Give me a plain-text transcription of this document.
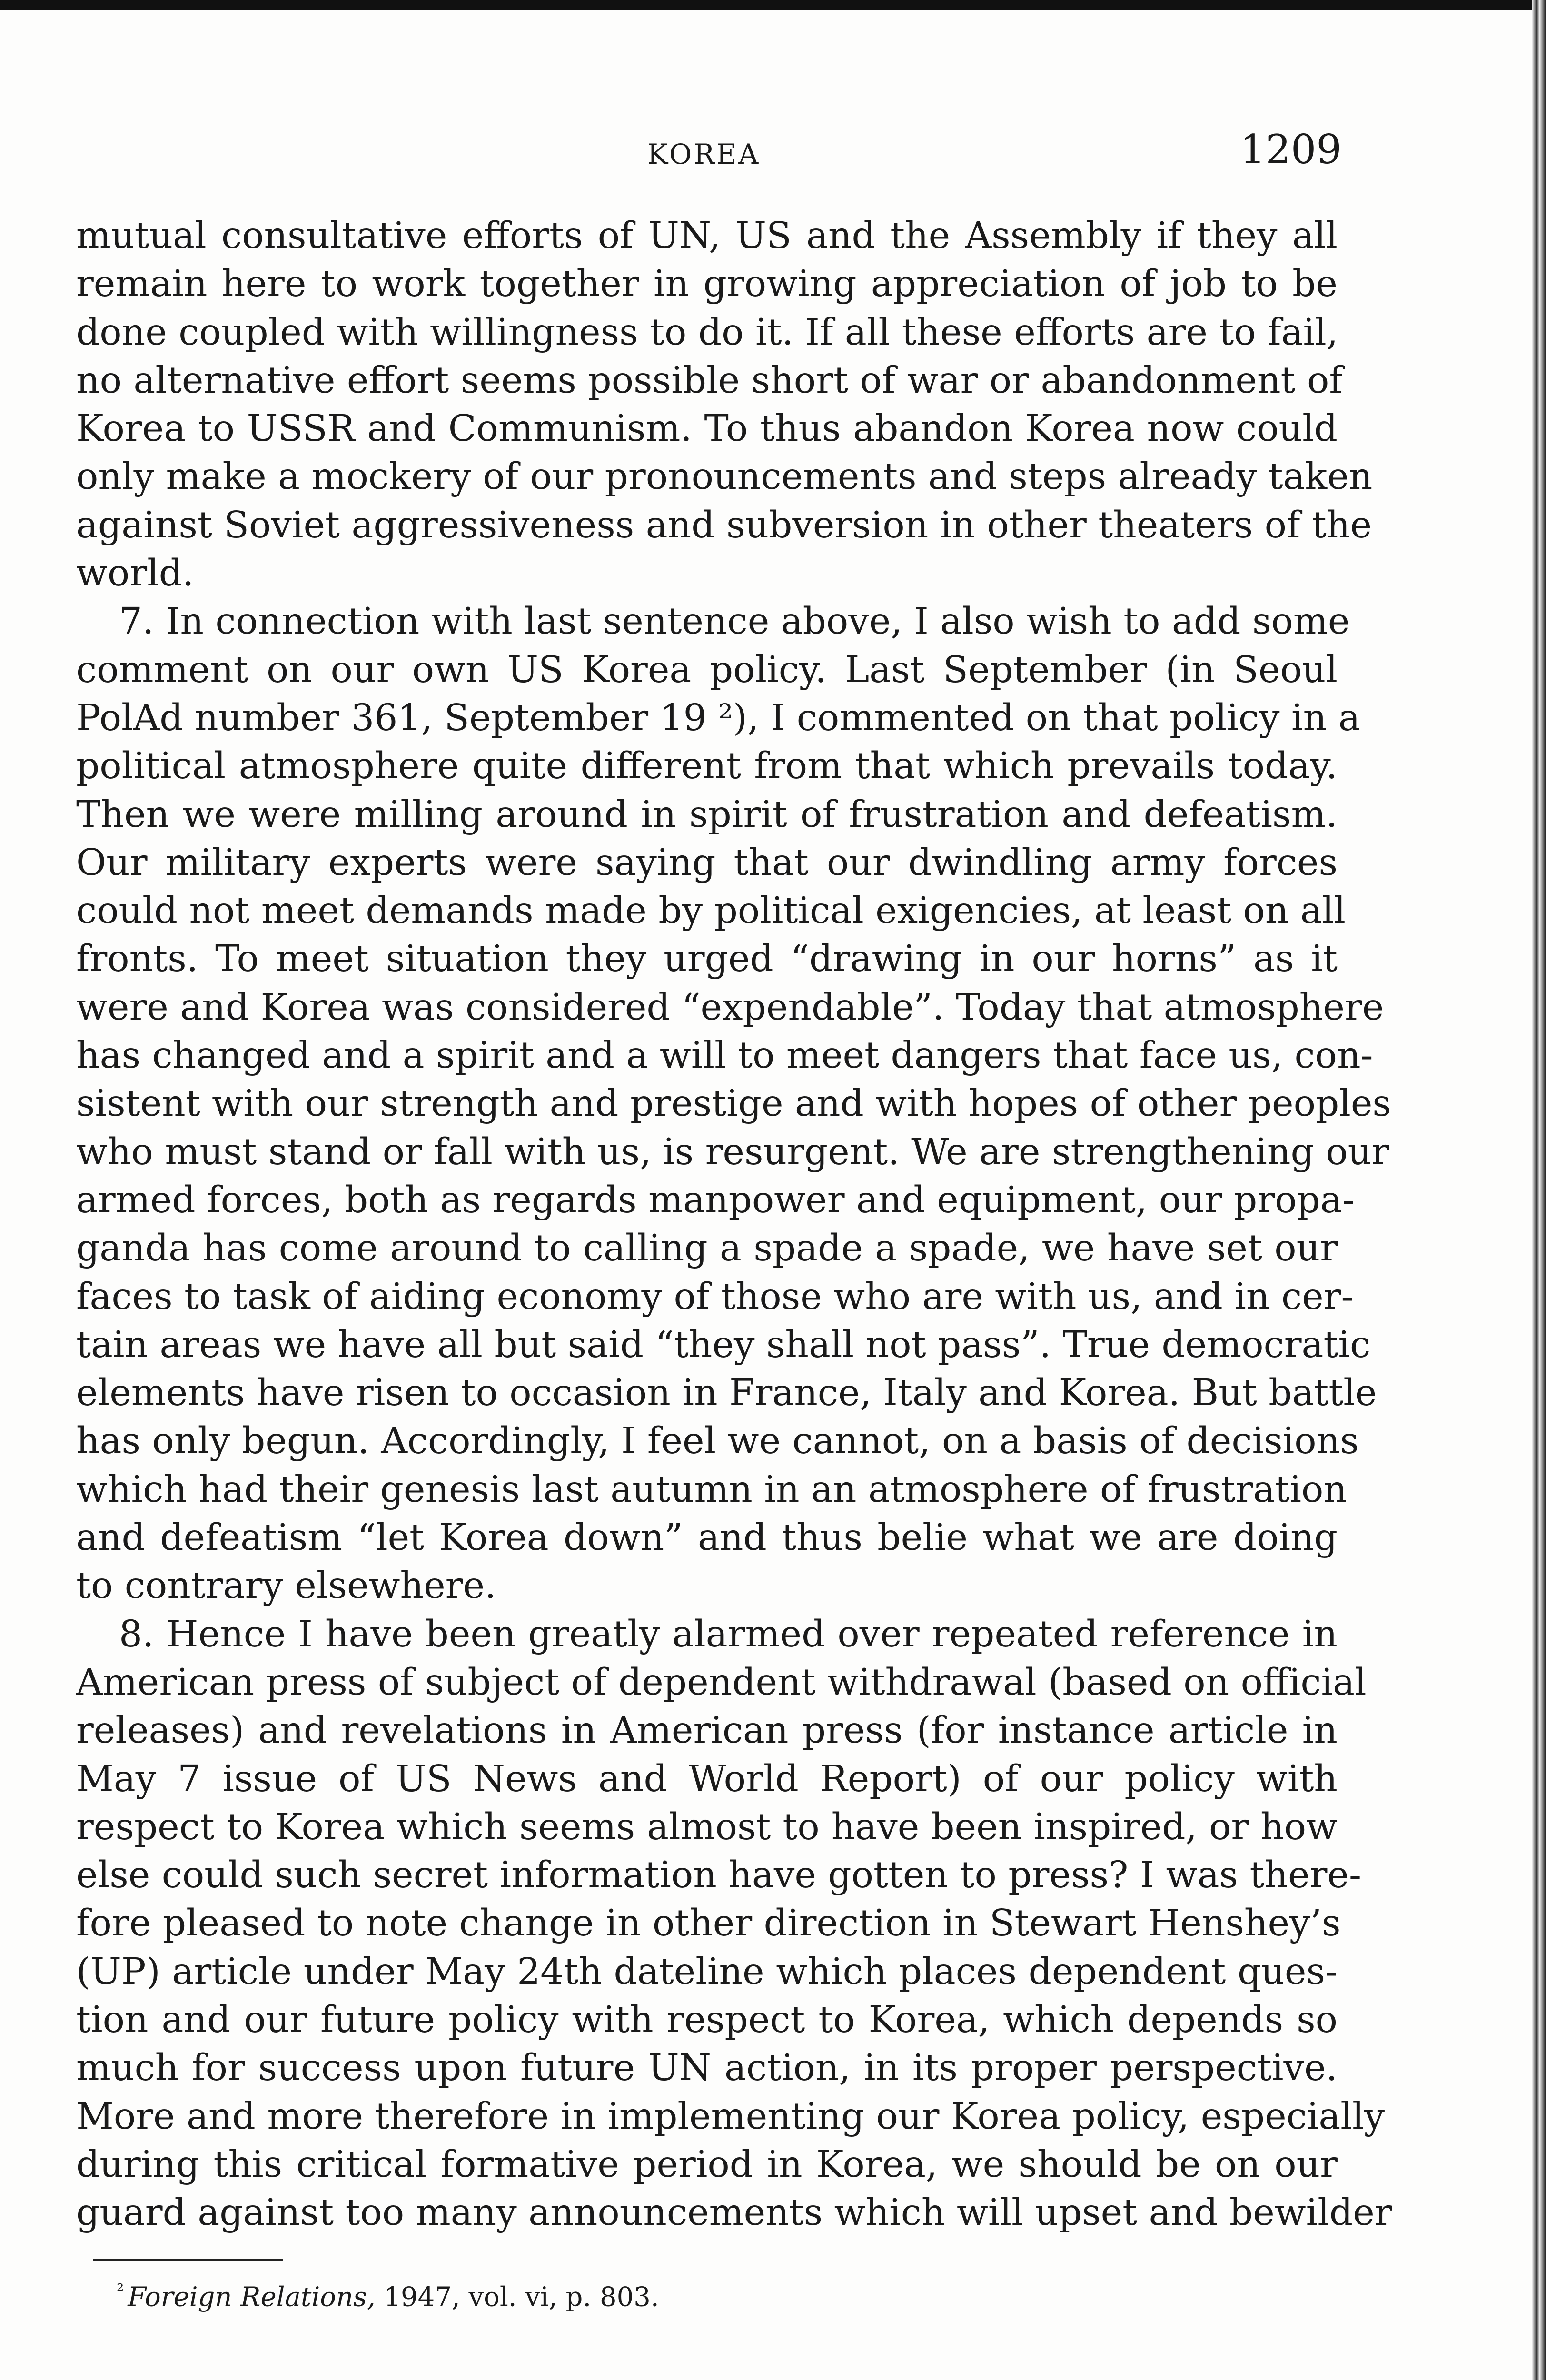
KOREA	1209
mutual consultative efforts of UN, US and the Assembly if they all
remain here to work together in growing appreciation of job to be
done coupled with willingness to do it. If all these efforts are to fail,
no alternative effort seems possible short of war or abandonment of
Korea to USSR and Communism. To thus abandon Korea now could
only make a mockery of our pronouncements and steps already taken
against Soviet aggressiveness and subversion in other theaters of the
world.
7. In connection with last sentence above, I also wish to add some
comment on our own US Korea policy. Last September (in Seoul
PolAd number 361, September 19 ²), I commented on that policy in a
political atmosphere quite different from that which prevails today.
Then we were milling around in spirit of frustration and defeatism.
Our military experts were saying that our dwindling army forces
could not meet demands made by political exigencies, at least on all
fronts. To meet situation they urged “drawing in our horns” as it
were and Korea was considered “expendable”. Today that atmosphere
has changed and a spirit and a will to meet dangers that face us, con-
sistent with our strength and prestige and with hopes of other peoples
who must stand or fall with us, is resurgent. We are strengthening our
armed forces, both as regards manpower and equipment, our propa-
ganda has come around to calling a spade a spade, we have set our
faces to task of aiding economy of those who are with us, and in cer-
tain areas we have all but said “they shall not pass”. True democratic
elements have risen to occasion in France, Italy and Korea. But battle
has only begun. Accordingly, I feel we cannot, on a basis of decisions
which had their genesis last autumn in an atmosphere of frustration
and defeatism “let Korea down” and thus belie what we are doing
to contrary elsewhere.
8. Hence I have been greatly alarmed over repeated reference in
American press of subject of dependent withdrawal (based on official
releases) and revelations in American press (for instance article in
May 7 issue of US News and World Report) of our policy with
respect to Korea which seems almost to have been inspired, or how
else could such secret information have gotten to press? I was there-
fore pleased to note change in other direction in Stewart Henshey’s
(UP) article under May 24th dateline which places dependent ques-
tion and our future policy with respect to Korea, which depends so
much for success upon future UN action, in its proper perspective.
More and more therefore in implementing our Korea policy, especially
during this critical formative period in Korea, we should be on our
guard against too many announcements which will upset and bewilder
$^{^2}$ Foreign Relations, 1947, vol. vi, p. 803.
